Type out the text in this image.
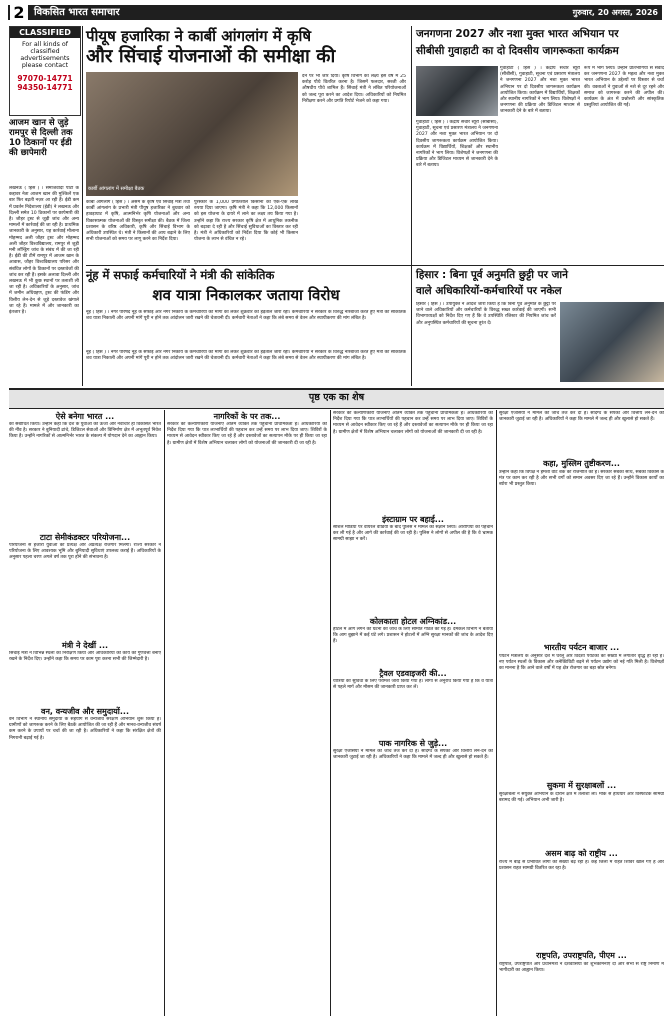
2 विकसित भारत समाचार	गुरुवार, 20 अगस्त, 2026
CLASSIFIED
For all kinds of
classified
advertisements
please contact
97070-14771
94350-14771
आजम खान से जुड़े रामपुर से दिल्ली तक 10 ठिकानों पर ईडी की छापेमारी
लखनऊ ( हिंस ) । समाजवादी पार्टी के कद्दावर नेता आजम खान की मुश्किलें एक बार फिर बढ़ती नज़र आ रही हैं। ईडी कम में प्रवर्तन निदेशालय (ईडी) ने लखनऊ और दिल्ली समेत 10 ठिकानों पर छापेमारी की है। जौहर ट्रस्ट से जुड़ी जांच और अन्य मामलों में कार्रवाई की जा रही है। प्राथमिक जानकारी के अनुसार, यह कार्रवाई मौलाना मोहम्मद अली जौहर ट्रस्ट और मोहम्मद अली जौहर विश्वविद्यालय, रामपुर से जुड़ी मनी लॉन्ड्रिंग जांच के संबंध में की जा रही है। ईडी की टीमें रामपुर में आजम खान के आवास, जौहर विश्वविद्यालय परिसर और संबंधित लोगों के ठिकानों पर दस्तावेजों की जांच कर रही हैं। इसके अलावा दिल्ली और लखनऊ में भी कुछ स्थानों पर तलाशी ली जा रही है। अधिकारियों के अनुसार, जांच में जमीन अधिग्रहण, ट्रस्ट की फंडिंग और वित्तीय लेन-देन से जुड़े दस्तावेज खंगाले जा रहे हैं। मामले में और जानकारी का इंतजार है।
पीयूष हजारिका ने कार्बी आंगलांग में कृषि
और सिंचाई योजनाओं की समीक्षा की
कार्बी आंगलांग में समीक्षा बैठक
कार्बी आंगलांग ( हिंस ) । असम के कृषि एवं सिंचाई मंत्री तथा कार्बी आंगलांग के प्रभारी मंत्री पीयूष हजारिका ने बुधवार को हावड़ाघाट में कृषि, आत्मनिर्भर कृषि योजनाओं और अन्य विकासात्मक योजनाओं की विस्तृत समीक्षा की। बैठक में जिला प्रशासन के वरिष्ठ अधिकारी, कृषि और सिंचाई विभाग के अधिकारी उपस्थित थे। मंत्री ने किसानों की आय बढ़ाने के लिए सभी योजनाओं को समय पर लागू करने का निर्देश दिया।
पुरस्कार के 1,000 प्रगतिशील किसानों को एक-एक लाख रुपया दिया जाएगा। कृषि मंत्री ने कहा कि 12,000 किसानों को इस योजना के दायरे में लाने का लक्ष्य तय किया गया है। उन्होंने कहा कि राज्य सरकार कृषि क्षेत्र में आधुनिक तकनीक को बढ़ावा दे रही है और सिंचाई सुविधाओं का विस्तार कर रही है। मंत्री ने अधिकारियों को निर्देश दिया कि कोई भी किसान योजना के लाभ से वंचित न रहे।
दैने पर भी जोर दिया। कृषि विभाग का लक्ष्य इस वर्ष में 25 करोड़ पौधे वितरित करना है। जिसमें फलदार, सब्जी और औषधीय पौधे शामिल हैं। सिंचाई मंत्री ने लंबित परियोजनाओं को जल्द पूरा करने का आदेश दिया। अधिकारियों को नियमित निरीक्षण करने और प्रगति रिपोर्ट भेजने को कहा गया।
जनगणना 2027 और नशा मुक्त भारत अभियान पर
सीबीसी गुवाहाटी का दो दिवसीय जागरूकता कार्यक्रम
गुवाहाटी ( हिंस ) । केंद्रीय संचार ब्यूरो (सीबीसी), गुवाहाटी, सूचना एवं प्रसारण मंत्रालय ने जनगणना 2027 और नशा मुक्त भारत अभियान पर दो दिवसीय जागरूकता कार्यक्रम आयोजित किया। कार्यक्रम में विद्यार्थियों, शिक्षकों और स्थानीय नागरिकों ने भाग लिया। विशेषज्ञों ने जनगणना की प्रक्रिया और डिजिटल माध्यम से जानकारी देने के बारे में बताया।
रूप में भाग लिया। उन्होंने प्रतिभागियों से संवाद कर जनगणना 2027 के महत्व और नशा मुक्त भारत अभियान के उद्देश्यों पर विस्तार से चर्चा की। वक्ताओं ने युवाओं से नशे से दूर रहने और समाज को जागरूक करने की अपील की। कार्यक्रम के अंत में प्रश्नोत्तरी और सांस्कृतिक प्रस्तुतियां आयोजित की गईं।
गुवाहाटी ( हिंस ) । केंद्रीय संचार ब्यूरो (सीबीसी), गुवाहाटी, सूचना एवं प्रसारण मंत्रालय ने जनगणना 2027 और नशा मुक्त भारत अभियान पर दो दिवसीय जागरूकता कार्यक्रम आयोजित किया। कार्यक्रम में विद्यार्थियों, शिक्षकों और स्थानीय नागरिकों ने भाग लिया। विशेषज्ञों ने जनगणना की प्रक्रिया और डिजिटल माध्यम से जानकारी देने के बारे में बताया।
नूंह में सफाई कर्मचारियों ने मंत्री की सांकेतिक
शव यात्रा निकालकर जताया विरोध
नूंह ( हिंस ) । नगर परिषद नूंह के सफाई और नगर निकाय के कर्मचारियों की मांगों को लेकर शुक्रवार को हड़ताल जारी रही। कर्मचारियों ने सरकार के विरुद्ध नारेबाजी करते हुए मंत्री की सांकेतिक शव यात्रा निकाली और अपनी मांगें पूरी न होने तक आंदोलन जारी रखने की चेतावनी दी। कर्मचारी नेताओं ने कहा कि लंबे समय से वेतन और स्थायीकरण की मांग लंबित है।
नूंह ( हिंस ) । नगर परिषद नूंह के सफाई और नगर निकाय के कर्मचारियों की मांगों को लेकर शुक्रवार को हड़ताल जारी रही। कर्मचारियों ने सरकार के विरुद्ध नारेबाजी करते हुए मंत्री की सांकेतिक शव यात्रा निकाली और अपनी मांगें पूरी न होने तक आंदोलन जारी रखने की चेतावनी दी। कर्मचारी नेताओं ने कहा कि लंबे समय से वेतन और स्थायीकरण की मांग लंबित है।
हिसार : बिना पूर्व अनुमति छुट्टी पर जाने
वाले अधिकारियों-कर्मचारियों पर नकेल
हिसार ( हिंस ) । उपायुक्त ने आदेश जारी किया है कि बिना पूर्व अनुमति के छुट्टी पर जाने वाले अधिकारियों और कर्मचारियों के विरुद्ध सख्त कार्रवाई की जाएगी। सभी विभागाध्यक्षों को निर्देश दिए गए हैं कि वे उपस्थिति रजिस्टर की नियमित जांच करें और अनुपस्थित कर्मचारियों की सूचना तुरंत दें।
पृष्ठ एक का शेष
ऐसे बनेगा भारत ...
को संबोधित किया। उन्होंने कहा कि देश के युवाओं की ऊर्जा और नवाचार ही विकसित भारत की नींव है। सरकार ने बुनियादी ढांचे, डिजिटल सेवाओं और विनिर्माण क्षेत्र में अभूतपूर्व निवेश किया है। उन्होंने नागरिकों से आत्मनिर्भर भारत के संकल्प में योगदान देने का आह्वान किया।
टाटा सेमीकंडक्टर परियोजना...
परियोजना से हजारों युवाओं को प्रत्यक्ष और अप्रत्यक्ष रोजगार मिलेगा। राज्य सरकार ने परियोजना के लिए आवश्यक भूमि और बुनियादी सुविधाएं उपलब्ध कराई हैं। अधिकारियों के अनुसार पहला चरण अगले वर्ष तक पूरा होने की संभावना है।
मंत्री ने देखीं ...
सिंचाई मंत्री ने विभिन्न स्थलों का निरीक्षण किया और अधिकारियों को कार्य की गुणवत्ता बनाए रखने के निर्देश दिए। उन्होंने कहा कि समय पर काम पूरा करना सभी की जिम्मेदारी है।
वन, वन्यजीव और समुदायों...
वन विभाग ने स्थानीय समुदायों के सहयोग से वन्यजीव संरक्षण अभियान शुरू किया है। ग्रामीणों को जागरूक करने के लिए बैठकें आयोजित की जा रही हैं और मानव-वन्यजीव संघर्ष कम करने के उपायों पर चर्चा की जा रही है। अधिकारियों ने कहा कि संरक्षित क्षेत्रों की निगरानी बढ़ाई गई है।
नागरिकों के पर तक...
सरकार की कल्याणकारी योजनाएं अंतिम व्यक्ति तक पहुंचाना प्राथमिकता है। अधिकारियों को निर्देश दिया गया कि पात्र लाभार्थियों की पहचान कर उन्हें समय पर लाभ दिया जाए। शिविरों के माध्यम से आवेदन स्वीकार किए जा रहे हैं और दस्तावेजों का सत्यापन मौके पर ही किया जा रहा है। ग्रामीण क्षेत्रों में विशेष अभियान चलाकर लोगों को योजनाओं की जानकारी दी जा रही है।
सरकार की कल्याणकारी योजनाएं अंतिम व्यक्ति तक पहुंचाना प्राथमिकता है। अधिकारियों को निर्देश दिया गया कि पात्र लाभार्थियों की पहचान कर उन्हें समय पर लाभ दिया जाए। शिविरों के माध्यम से आवेदन स्वीकार किए जा रहे हैं और दस्तावेजों का सत्यापन मौके पर ही किया जा रहा है। ग्रामीण क्षेत्रों में विशेष अभियान चलाकर लोगों को योजनाओं की जानकारी दी जा रही है।
इंस्टाग्राम पर बहाई...
सोशल मीडिया पर वायरल वीडियो के बाद पुलिस ने मामले का संज्ञान लिया। आरोपियों की पहचान कर ली गई है और आगे की कार्रवाई की जा रही है। पुलिस ने लोगों से अपील की है कि वे भ्रामक सामग्री साझा न करें।
कोलकाता होटल अग्निकांड...
होटल में आग लगने की घटना की जांच के लिए समिति गठित की गई है। दमकल विभाग ने बताया कि आग बुझाने में कई घंटे लगे। प्रशासन ने होटलों में अग्नि सुरक्षा मानकों की जांच के आदेश दिए हैं।
ट्रैवल एडवाइजरी की...
यात्रियों की सुविधा के लिए परामर्श जारी किया गया है। लोगों से अनुरोध किया गया है कि वे यात्रा से पहले मार्ग और मौसम की जानकारी प्राप्त कर लें।
पाक नागरिक से जुड़े...
सुरक्षा एजेंसियों ने मामले की जांच तेज कर दी है। संदिग्ध के संपर्कों और वित्तीय लेन-देन की जानकारी जुटाई जा रही है। अधिकारियों ने कहा कि मामले में जल्द ही और खुलासे हो सकते हैं।
सुरक्षा एजेंसियों ने मामले की जांच तेज कर दी है। संदिग्ध के संपर्कों और वित्तीय लेन-देन की जानकारी जुटाई जा रही है। अधिकारियों ने कहा कि मामले में जल्द ही और खुलासे हो सकते हैं।
कहा, मुस्लिम तुष्टीकरण...
उन्होंने कहा कि विपक्ष ने हमेशा वोट बैंक की राजनीति की है। सरकार सबका साथ, सबका विकास के मंत्र पर काम कर रही है और सभी वर्गों को समान अवसर दिए जा रहे हैं। उन्होंने विकास कार्यों का ब्योरा भी प्रस्तुत किया।
भारतीय पर्यटन बाजार ...
पर्यटन मंत्रालय के अनुसार देश में घरेलू और विदेशी पर्यटकों की संख्या में लगातार वृद्धि हो रही है। नए पर्यटन स्थलों के विकास और कनेक्टिविटी बढ़ने से पर्यटन उद्योग को नई गति मिली है। विशेषज्ञों का मानना है कि आने वाले वर्षों में यह क्षेत्र रोजगार का बड़ा स्रोत बनेगा।
सुकमा में सुरक्षाबलों ...
सुरक्षाबलों ने संयुक्त अभियान के दौरान क्षेत्र में तलाशी ली। मौके से हथियार और विस्फोटक सामग्री बरामद की गई। अभियान अभी जारी है।
असम बाढ़ को राष्ट्रीय ...
राज्य में बाढ़ से प्रभावित लोगों की संख्या बढ़ रही है। कई जिलों में राहत शिविर खोले गए हैं और प्रशासन राहत सामग्री वितरित कर रहा है।
राष्ट्रपति, उपराष्ट्रपति, पीएम ...
राष्ट्रपति, उपराष्ट्रपति और प्रधानमंत्री ने देशवासियों को शुभकामनाएं दीं और सभी से राष्ट्र निर्माण में भागीदारी का आह्वान किया।
